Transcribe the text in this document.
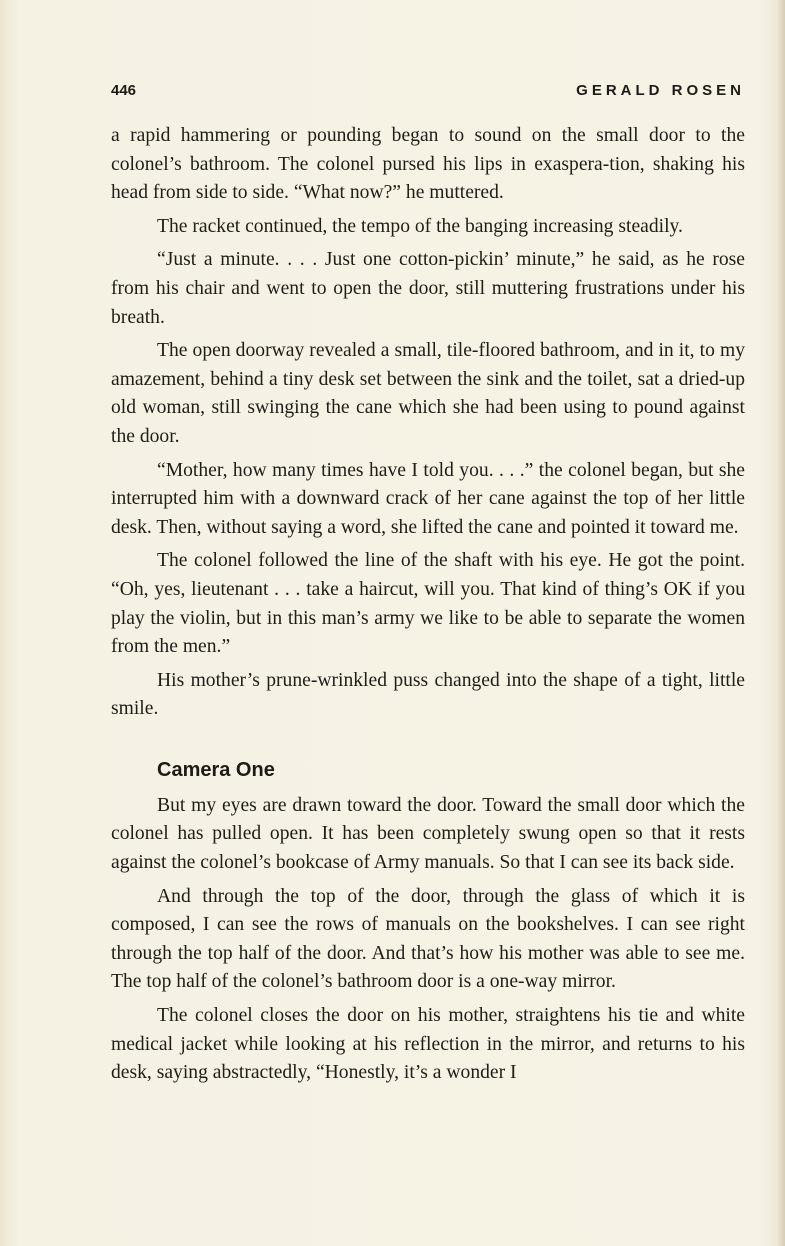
446	GERALD ROSEN

a rapid hammering or pounding began to sound on the small door to the colonel’s bathroom. The colonel pursed his lips in exaspera-tion, shaking his head from side to side. “What now?” he muttered.

The racket continued, the tempo of the banging increasing steadily.

“Just a minute. . . . Just one cotton-pickin’ minute,” he said, as he rose from his chair and went to open the door, still muttering frustrations under his breath.

The open doorway revealed a small, tile-floored bathroom, and in it, to my amazement, behind a tiny desk set between the sink and the toilet, sat a dried-up old woman, still swinging the cane which she had been using to pound against the door.

“Mother, how many times have I told you. . . .” the colonel began, but she interrupted him with a downward crack of her cane against the top of her little desk. Then, without saying a word, she lifted the cane and pointed it toward me.

The colonel followed the line of the shaft with his eye. He got the point. “Oh, yes, lieutenant . . . take a haircut, will you. That kind of thing’s OK if you play the violin, but in this man’s army we like to be able to separate the women from the men.”

His mother’s prune-wrinkled puss changed into the shape of a tight, little smile.

Camera One

But my eyes are drawn toward the door. Toward the small door which the colonel has pulled open. It has been completely swung open so that it rests against the colonel’s bookcase of Army manuals. So that I can see its back side.

And through the top of the door, through the glass of which it is composed, I can see the rows of manuals on the bookshelves. I can see right through the top half of the door. And that’s how his mother was able to see me. The top half of the colonel’s bathroom door is a one-way mirror.

The colonel closes the door on his mother, straightens his tie and white medical jacket while looking at his reflection in the mirror, and returns to his desk, saying abstractedly, “Honestly, it’s a wonder I
